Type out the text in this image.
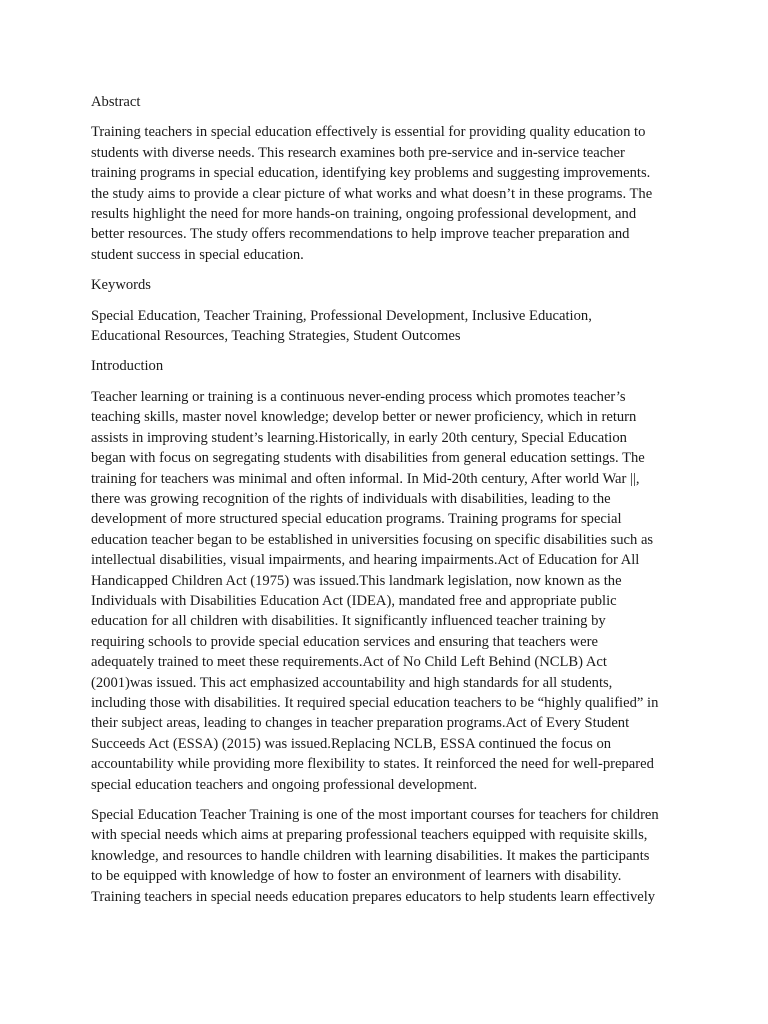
Abstract
Training teachers in special education effectively is essential for providing quality education to
students with diverse needs. This research examines both pre-service and in-service teacher
training programs in special education, identifying key problems and suggesting improvements.
the study aims to provide a clear picture of what works and what doesn’t in these programs. The
results highlight the need for more hands-on training, ongoing professional development, and
better resources. The study offers recommendations to help improve teacher preparation and
student success in special education.
Keywords
Special Education, Teacher Training, Professional Development, Inclusive Education,
Educational Resources, Teaching Strategies, Student Outcomes
Introduction
Teacher learning or training is a continuous never-ending process which promotes teacher’s
teaching skills, master novel knowledge; develop better or newer proficiency, which in return
assists in improving student’s learning.Historically, in early 20th century, Special Education
began with focus on segregating students with disabilities from general education settings. The
training for teachers was minimal and often informal. In Mid-20th century, After world War ||,
there was growing recognition of the rights of individuals with disabilities, leading to the
development of more structured special education programs. Training programs for special
education teacher began to be established in universities focusing on specific disabilities such as
intellectual disabilities, visual impairments, and hearing impairments.Act of Education for All
Handicapped Children Act (1975) was issued.This landmark legislation, now known as the
Individuals with Disabilities Education Act (IDEA), mandated free and appropriate public
education for all children with disabilities. It significantly influenced teacher training by
requiring schools to provide special education services and ensuring that teachers were
adequately trained to meet these requirements.Act of No Child Left Behind (NCLB) Act
(2001)was issued. This act emphasized accountability and high standards for all students,
including those with disabilities. It required special education teachers to be “highly qualified” in
their subject areas, leading to changes in teacher preparation programs.Act of Every Student
Succeeds Act (ESSA) (2015) was issued.Replacing NCLB, ESSA continued the focus on
accountability while providing more flexibility to states. It reinforced the need for well-prepared
special education teachers and ongoing professional development.
Special Education Teacher Training is one of the most important courses for teachers for children
with special needs which aims at preparing professional teachers equipped with requisite skills,
knowledge, and resources to handle children with learning disabilities. It makes the participants
to be equipped with knowledge of how to foster an environment of learners with disability.
Training teachers in special needs education prepares educators to help students learn effectively
